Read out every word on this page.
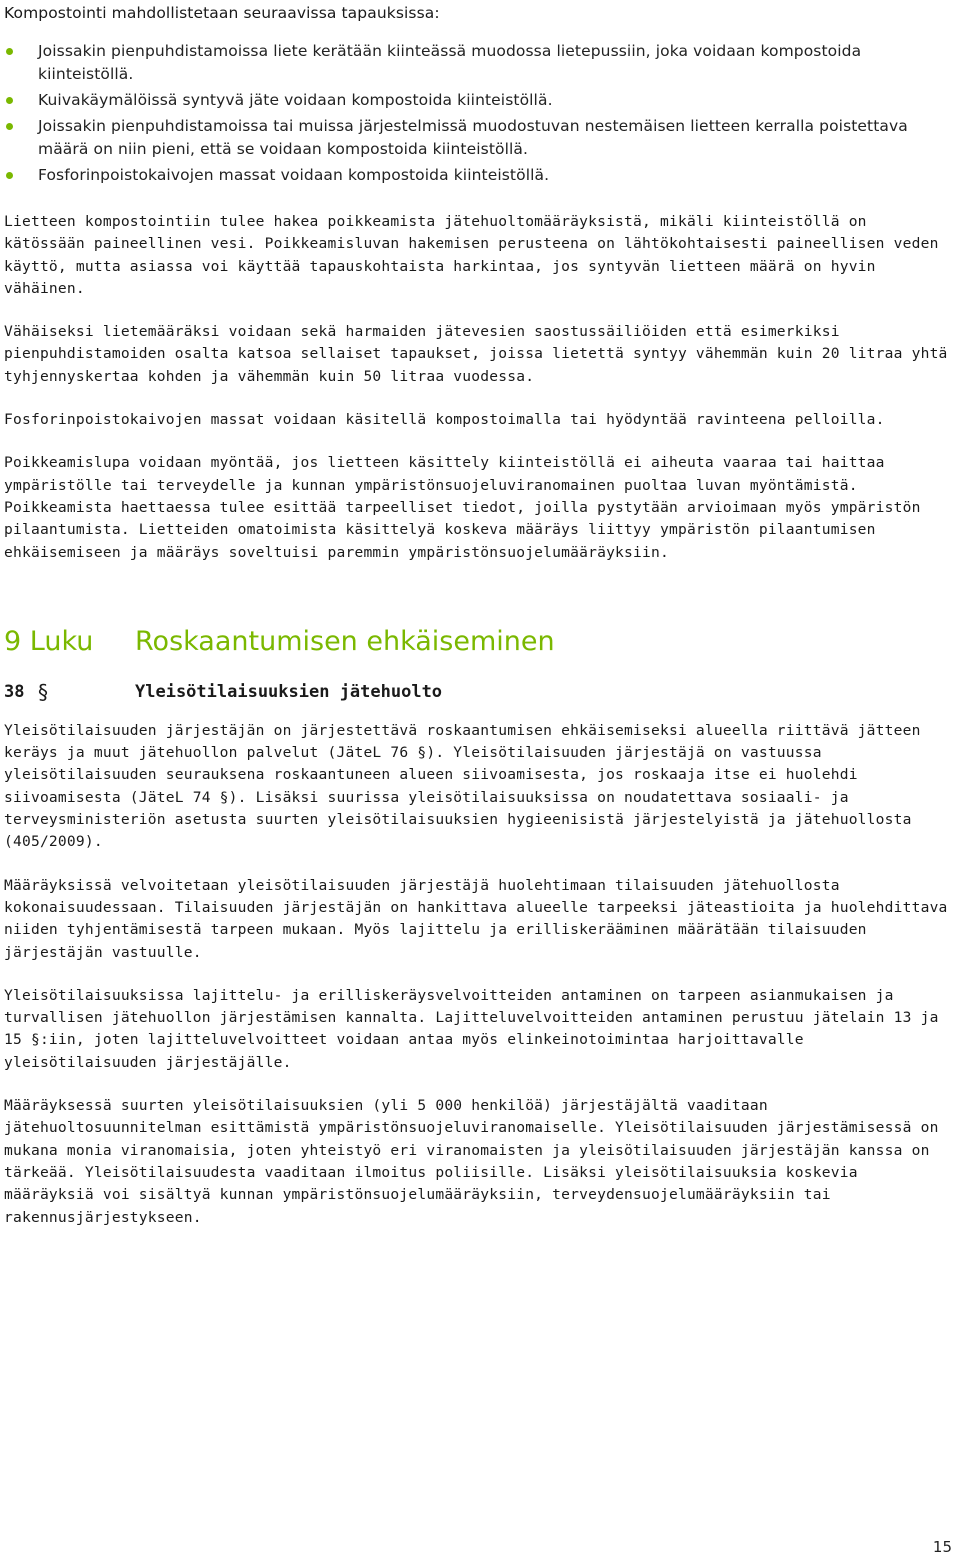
Kompostointi mahdollistetaan seuraavissa tapauksissa:
Joissakin pienpuhdistamoissa liete kerätään kiinteässä muodossa lietepussiin, joka voidaan kompostoida kiinteistöllä.
Kuivakäymälöissä syntyvä jäte voidaan kompostoida kiinteistöllä.
Joissakin pienpuhdistamoissa tai muissa järjestelmissä muodostuvan nestemäisen lietteen kerralla poistettava määrä on niin pieni, että se voidaan kompostoida kiinteistöllä.
Fosforinpoistokaivojen massat voidaan kompostoida kiinteistöllä.

Lietteen kompostointiin tulee hakea poikkeamista jätehuoltomääräyksistä, mikäli kiinteistöllä on kätössään paineellinen vesi. Poikkeamisluvan hakemisen perusteena on lähtökohtaisesti paineellisen veden käyttö, mutta asiassa voi käyttää tapauskohtaista harkintaa, jos syntyvän lietteen määrä on hyvin vähäinen.

Vähäiseksi lietemääräksi voidaan sekä harmaiden jätevesien saostussäiliöiden että esimerkiksi pienpuhdistamoiden osalta katsoa sellaiset tapaukset, joissa lietettä syntyy vähemmän kuin 20 litraa yhtä tyhjennyskertaa kohden ja vähemmän kuin 50 litraa vuodessa.

Fosforinpoistokaivojen massat voidaan käsitellä kompostoimalla tai hyödyntää ravinteena pelloilla.

Poikkeamislupa voidaan myöntää, jos lietteen käsittely kiinteistöllä ei aiheuta vaaraa tai haittaa ympäristölle tai terveydelle ja kunnan ympäristönsuojeluviranomainen puoltaa luvan myöntämistä. Poikkeamista haettaessa tulee esittää tarpeelliset tiedot, joilla pystytään arvioimaan myös ympäristön pilaantumista. Lietteiden omatoimista käsittelyä koskeva määräys liittyy ympäristön pilaantumisen ehkäisemiseen ja määräys soveltuisi paremmin ympäristönsuojelumääräyksiin.

9 Luku Roskaantumisen ehkäiseminen
38 §	Yleisötilaisuuksien jätehuolto

Yleisötilaisuuden järjestäjän on järjestettävä roskaantumisen ehkäisemiseksi alueella riittävä jätteen keräys ja muut jätehuollon palvelut (JäteL 76 §). Yleisötilaisuuden järjestäjä on vastuussa yleisötilaisuuden seurauksena roskaantuneen alueen siivoamisesta, jos roskaaja itse ei huolehdi siivoamisesta (JäteL 74 §). Lisäksi suurissa yleisötilaisuuksissa on noudatettava sosiaali- ja terveysministeriön asetusta suurten yleisötilaisuuksien hygieenisistä järjestelyistä ja jätehuollosta (405/2009).

Määräyksissä velvoitetaan yleisötilaisuuden järjestäjä huolehtimaan tilaisuuden jätehuollosta kokonaisuudessaan. Tilaisuuden järjestäjän on hankittava alueelle tarpeeksi jäteastioita ja huolehdittava niiden tyhjentämisestä tarpeen mukaan. Myös lajittelu ja erilliskerääminen määrätään tilaisuuden järjestäjän vastuulle.

Yleisötilaisuuksissa lajittelu- ja erilliskeräysvelvoitteiden antaminen on tarpeen asianmukaisen ja turvallisen jätehuollon järjestämisen kannalta. Lajitteluvelvoitteiden antaminen perustuu jätelain 13 ja 15 §:iin, joten lajitteluvelvoitteet voidaan antaa myös elinkeinotoimintaa harjoittavalle yleisötilaisuuden järjestäjälle.

Määräyksessä suurten yleisötilaisuuksien (yli 5 000 henkilöä) järjestäjältä vaaditaan jätehuoltosuunnitelman esittämistä ympäristönsuojeluviranomaiselle. Yleisötilaisuuden järjestämisessä on mukana monia viranomaisia, joten yhteistyö eri viranomaisten ja yleisötilaisuuden järjestäjän kanssa on tärkeää. Yleisötilaisuudesta vaaditaan ilmoitus poliisille. Lisäksi yleisötilaisuuksia koskevia määräyksiä voi sisältyä kunnan ympäristönsuojelumääräyksiin, terveydensuojelumääräyksiin tai rakennusjärjestykseen.

15
